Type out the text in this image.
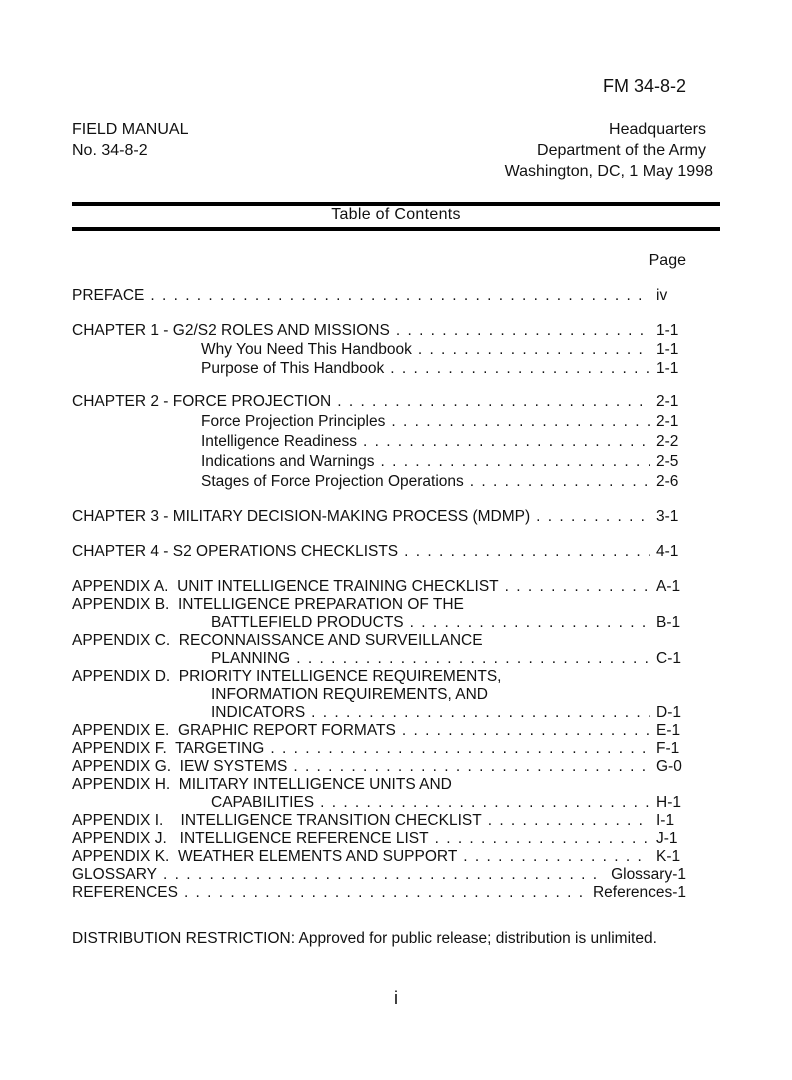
FM 34-8-2
FIELD MANUAL
No. 34-8-2
Headquarters
Department of the Army
Washington, DC, 1 May 1998
Table of Contents
Page
PREFACE . . .	iv
CHAPTER 1 - G2/S2 ROLES AND MISSIONS . . .	1-1
Why You Need This Handbook . . .	1-1
Purpose of This Handbook . . .	1-1
CHAPTER 2 - FORCE PROJECTION . . .	2-1
Force Projection Principles . . .	2-1
Intelligence Readiness . . .	2-2
Indications and Warnings . . .	2-5
Stages of Force Projection Operations . . .	2-6
CHAPTER 3 - MILITARY DECISION-MAKING PROCESS (MDMP) . . .	3-1
CHAPTER 4 - S2 OPERATIONS CHECKLISTS . . .	4-1
APPENDIX A.  UNIT INTELLIGENCE TRAINING CHECKLIST . . .	A-1
APPENDIX B.  INTELLIGENCE PREPARATION OF THE
BATTLEFIELD PRODUCTS . . .	B-1
APPENDIX C.  RECONNAISSANCE AND SURVEILLANCE
PLANNING . . .	C-1
APPENDIX D.  PRIORITY INTELLIGENCE REQUIREMENTS,
INFORMATION REQUIREMENTS, AND
INDICATORS . . .	D-1
APPENDIX E.  GRAPHIC REPORT FORMATS . . .	E-1
APPENDIX F.  TARGETING . . .	F-1
APPENDIX G.  IEW SYSTEMS . . .	G-0
APPENDIX H.  MILITARY INTELLIGENCE UNITS AND
CAPABILITIES . . .	H-1
APPENDIX I.    INTELLIGENCE TRANSITION CHECKLIST . . .	I-1
APPENDIX J.   INTELLIGENCE REFERENCE LIST . . .	J-1
APPENDIX K.  WEATHER ELEMENTS AND SUPPORT . . .	K-1
GLOSSARY . . .	Glossary-1
REFERENCES . . .	References-1
DISTRIBUTION RESTRICTION: Approved for public release; distribution is unlimited.
i
